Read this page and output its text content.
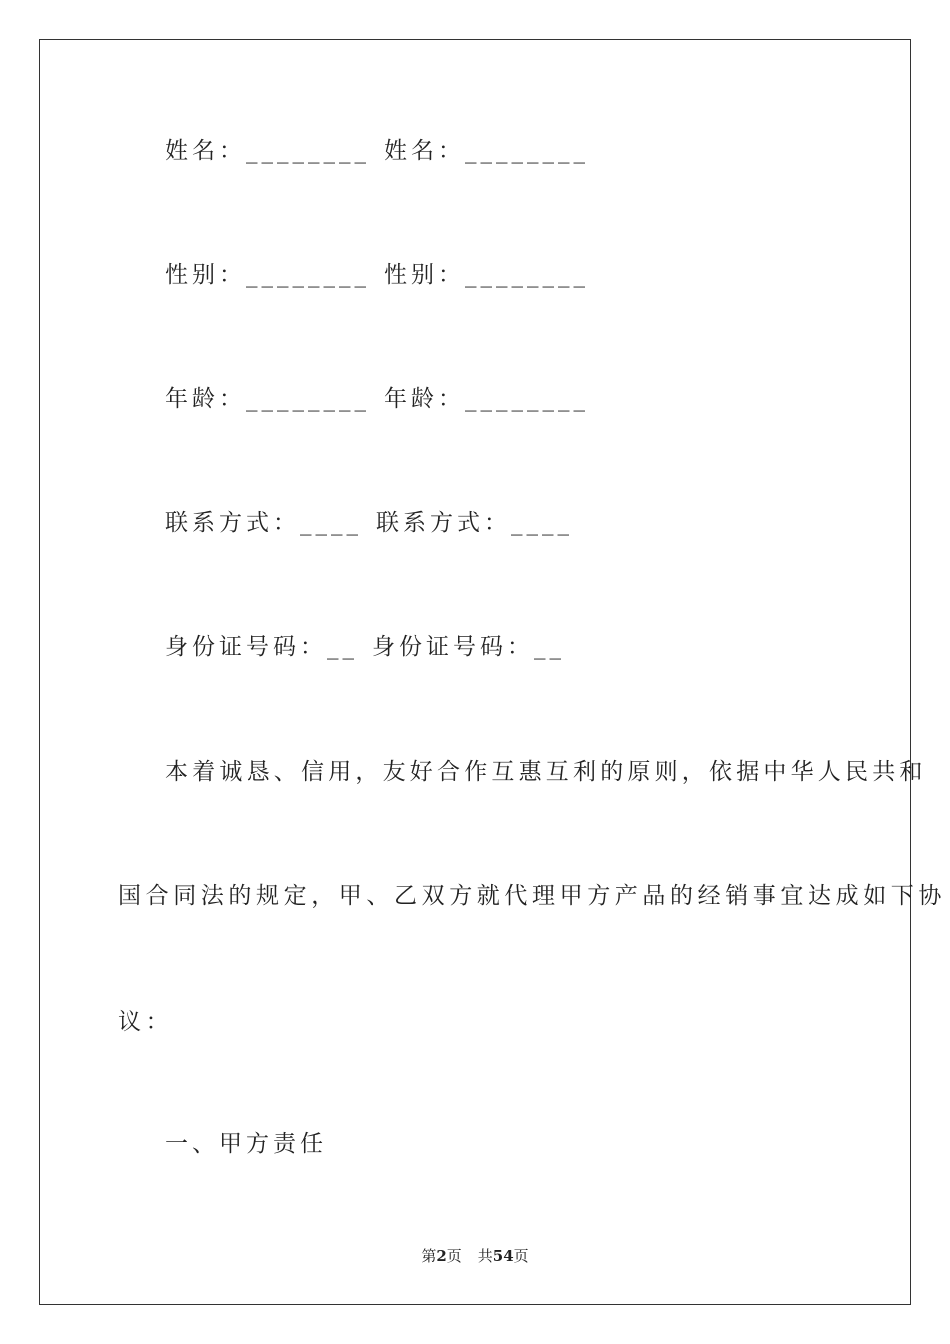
姓名：________ 姓名：________
性别：________ 性别：________
年龄：________ 年龄：________
联系方式：____ 联系方式：____
身份证号码：__ 身份证号码：__
本着诚恳、信用，友好合作互惠互利的原则，依据中华人民共和
国合同法的规定，甲、乙双方就代理甲方产品的经销事宜达成如下协
议：
一、甲方责任
第2页 共54页
